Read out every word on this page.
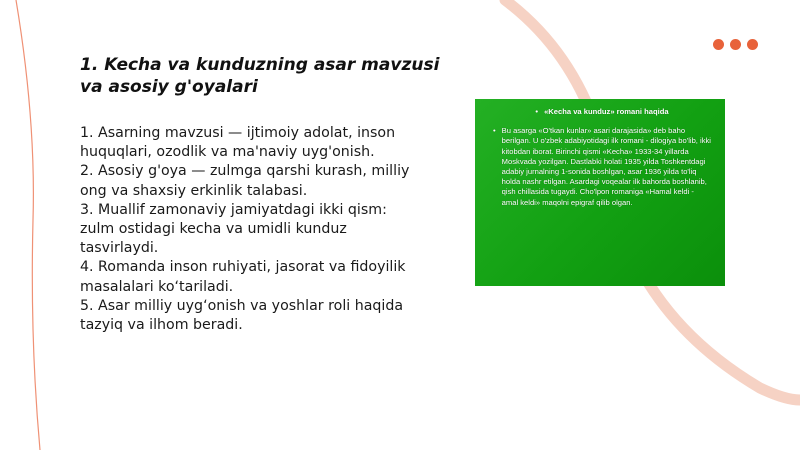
1. Kecha va kunduzning asar mavzusi va asosiy g'oyalari

1. Asarning mavzusi — ijtimoiy adolat, inson huquqlari, ozodlik va ma'naviy uyg'onish.

2. Asosiy g'oya — zulmga qarshi kurash, milliy ong va shaxsiy erkinlik talabasi.

3. Muallif zamonaviy jamiyatdagi ikki qism: zulm ostidagi kecha va umidli kunduz tasvirlaydi.

4. Romanda inson ruhiyati, jasorat va fidoyilik masalalari ko‘tariladi.

5. Asar milliy uyg‘onish va yoshlar roli haqida tazyiq va ilhom beradi.

• «Kecha va kunduz» romani haqida

• Bu asarga «O'tkan kunlar» asari darajasida» deb baho berilgan. U o'zbek adabiyotidagi ilk romani - dilogiya bo'lib, ikki kitobdan iborat. Birinchi qismi «Kecha» 1933-34 yillarda Moskvada yozilgan. Dastlabki holati 1935 yilda Toshkentdagi adabiy jurnalning 1-sonida boshlgan, asar 1936 yilda to'liq holda nashr etilgan. Asardagi voqealar ilk bahorda boshlanib, qish chillasida tugaydi. Cho'lpon romaniga «Hamal keldi - amal keldi» maqolni epigraf qilib olgan.
